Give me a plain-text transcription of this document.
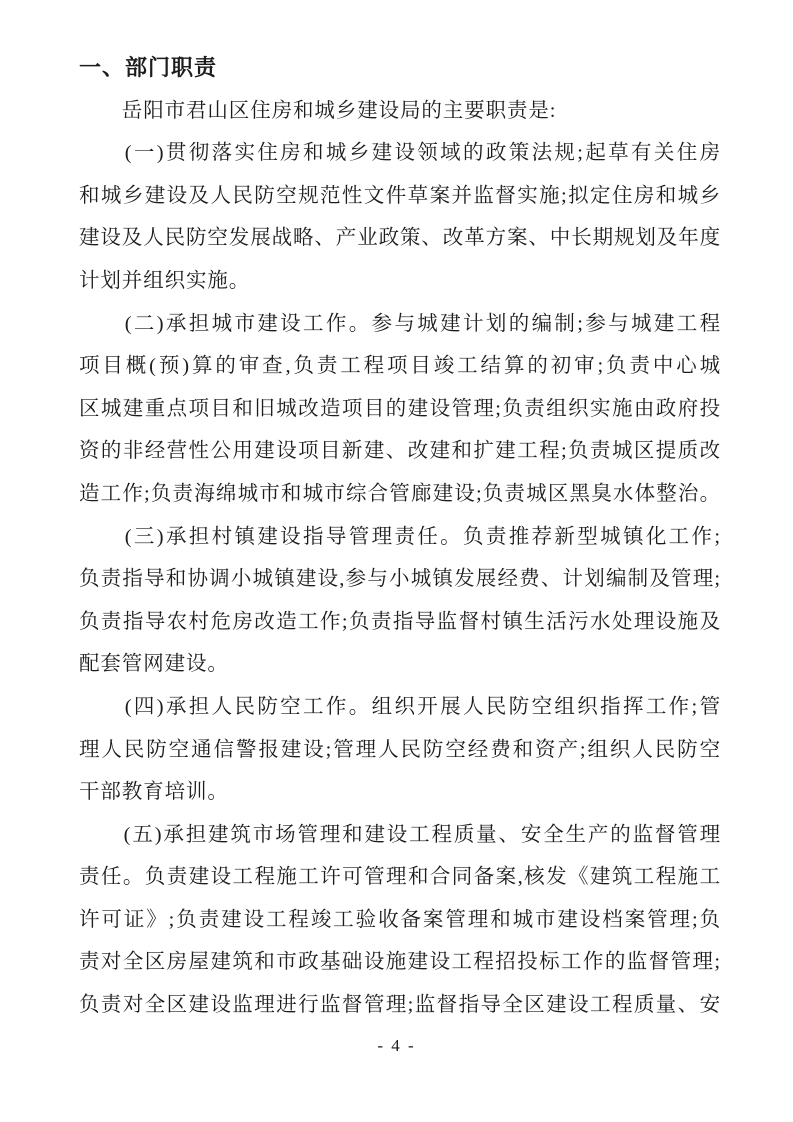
一、部门职责
　　岳阳市君山区住房和城乡建设局的主要职责是:
　　(一)贯彻落实住房和城乡建设领域的政策法规;起草有关住房
和城乡建设及人民防空规范性文件草案并监督实施;拟定住房和城乡
建设及人民防空发展战略、产业政策、改革方案、中长期规划及年度
计划并组织实施。
　　(二)承担城市建设工作。参与城建计划的编制;参与城建工程
项目概(预)算的审查,负责工程项目竣工结算的初审;负责中心城
区城建重点项目和旧城改造项目的建设管理;负责组织实施由政府投
资的非经营性公用建设项目新建、改建和扩建工程;负责城区提质改
造工作;负责海绵城市和城市综合管廊建设;负责城区黑臭水体整治。
　　(三)承担村镇建设指导管理责任。负责推荐新型城镇化工作;
负责指导和协调小城镇建设,参与小城镇发展经费、计划编制及管理;
负责指导农村危房改造工作;负责指导监督村镇生活污水处理设施及
配套管网建设。
　　(四)承担人民防空工作。组织开展人民防空组织指挥工作;管
理人民防空通信警报建设;管理人民防空经费和资产;组织人民防空
干部教育培训。
　　(五)承担建筑市场管理和建设工程质量、安全生产的监督管理
责任。负责建设工程施工许可管理和合同备案,核发《建筑工程施工
许可证》;负责建设工程竣工验收备案管理和城市建设档案管理;负
责对全区房屋建筑和市政基础设施建设工程招投标工作的监督管理;
负责对全区建设监理进行监督管理;监督指导全区建设工程质量、安
- 4 -
